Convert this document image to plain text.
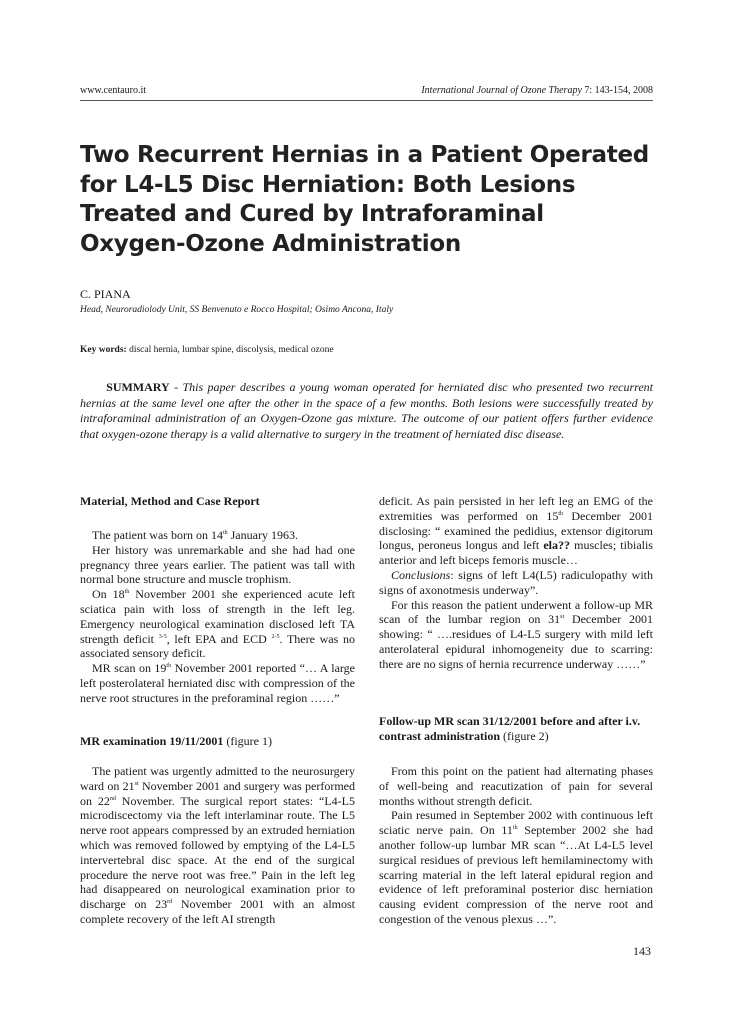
www.centauro.it	International Journal of Ozone Therapy 7: 143-154, 2008
Two Recurrent Hernias in a Patient Operated
for L4-L5 Disc Herniation: Both Lesions
Treated and Cured by Intraforaminal
Oxygen-Ozone Administration
C. PIANA
Head, Neuroradiolody Unit, SS Benvenuto e Rocco Hospital; Osimo Ancona, Italy
Key words: discal hernia, lumbar spine, discolysis, medical ozone
SUMMARY - This paper describes a young woman operated for herniated disc who presented two recurrent hernias at the same level one after the other in the space of a few months. Both lesions were successfully treated by intraforaminal administration of an Oxygen-Ozone gas mixture. The outcome of our patient offers further evidence that oxygen-ozone therapy is a valid alternative to surgery in the treatment of herniated disc disease.

Material, Method and Case Report

The patient was born on 14th January 1963.

Her history was unremarkable and she had had one pregnancy three years earlier. The patient was tall with normal bone structure and muscle trophism.

On 18th November 2001 she experienced acute left sciatica pain with loss of strength in the left leg. Emergency neurological examination disclosed left TA strength deficit $^{3-5}$, left EPA and ECD $^{2-5}$. There was no associated sensory deficit.

MR scan on 19th November 2001 reported “… A large left posterolateral herniated disc with compression of the nerve root structures in the preforaminal region ……”

MR examination 19/11/2001 (figure 1)

The patient was urgently admitted to the neurosurgery ward on 21st November 2001 and surgery was performed on 22nd November. The surgical report states: “L4-L5 microdiscectomy via the left interlaminar route. The L5 nerve root appears compressed by an extruded herniation which was removed followed by emptying of the L4-L5 intervertebral disc space. At the end of the surgical procedure the nerve root was free.” Pain in the left leg had disappeared on neurological examination prior to discharge on 23rd November 2001 with an almost complete recovery of the left AI strength

deficit. As pain persisted in her left leg an EMG of the extremities was performed on 15th December 2001 disclosing: “ examined the pedidius, extensor digitorum longus, peroneus longus and left ela?? muscles; tibialis anterior and left biceps femoris muscle…

Conclusions: signs of left L4(L5) radiculopathy with signs of axonotmesis underway”.

For this reason the patient underwent a follow-up MR scan of the lumbar region on 31st December 2001 showing: “ ….residues of L4-L5 surgery with mild left anterolateral epidural inhomogeneity due to scarring: there are no signs of hernia recurrence underway ……”

Follow-up MR scan 31/12/2001 before and after i.v. contrast administration (figure 2)

From this point on the patient had alternating phases of well-being and reacutization of pain for several months without strength deficit.

Pain resumed in September 2002 with continuous left sciatic nerve pain. On 11th September 2002 she had another follow-up lumbar MR scan “…At L4-L5 level surgical residues of previous left hemilaminectomy with scarring material in the left lateral epidural region and evidence of left preforaminal posterior disc herniation causing evident compression of the nerve root and congestion of the venous plexus …”.

143
